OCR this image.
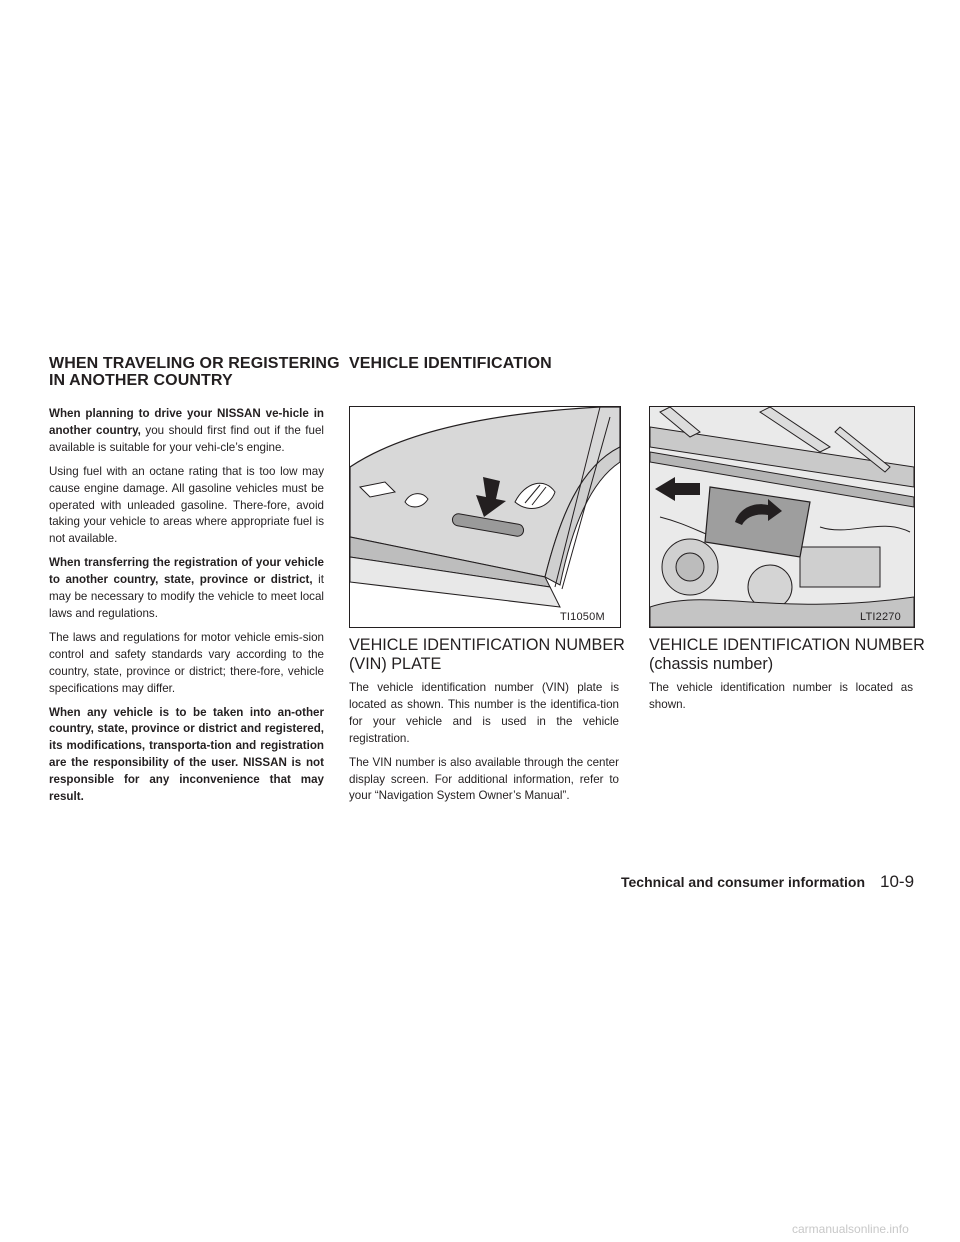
WHEN TRAVELING OR REGISTERING
IN ANOTHER COUNTRY
VEHICLE IDENTIFICATION

When planning to drive your NISSAN ve-hicle in another country, you should first find out if the fuel available is suitable for your vehi-cle’s engine.

Using fuel with an octane rating that is too low may cause engine damage. All gasoline vehicles must be operated with unleaded gasoline. There-fore, avoid taking your vehicle to areas where appropriate fuel is not available.

When transferring the registration of your vehicle to another country, state, province or district, it may be necessary to modify the vehicle to meet local laws and regulations.

The laws and regulations for motor vehicle emis-sion control and safety standards vary according to the country, state, province or district; there-fore, vehicle specifications may differ.

When any vehicle is to be taken into an-other country, state, province or district and registered, its modifications, transporta-tion and registration are the responsibility of the user. NISSAN is not responsible for any inconvenience that may result.

TI1050M	LTI2270
VEHICLE IDENTIFICATION NUMBER
(VIN) PLATE

The vehicle identification number (VIN) plate is located as shown. This number is the identifica-tion for your vehicle and is used in the vehicle registration.

The VIN number is also available through the center display screen. For additional information, refer to your “Navigation System Owner’s Manual”.

VEHICLE IDENTIFICATION NUMBER
(chassis number)

The vehicle identification number is located as shown.

Technical and consumer information 10-9
carmanualsonline.info
